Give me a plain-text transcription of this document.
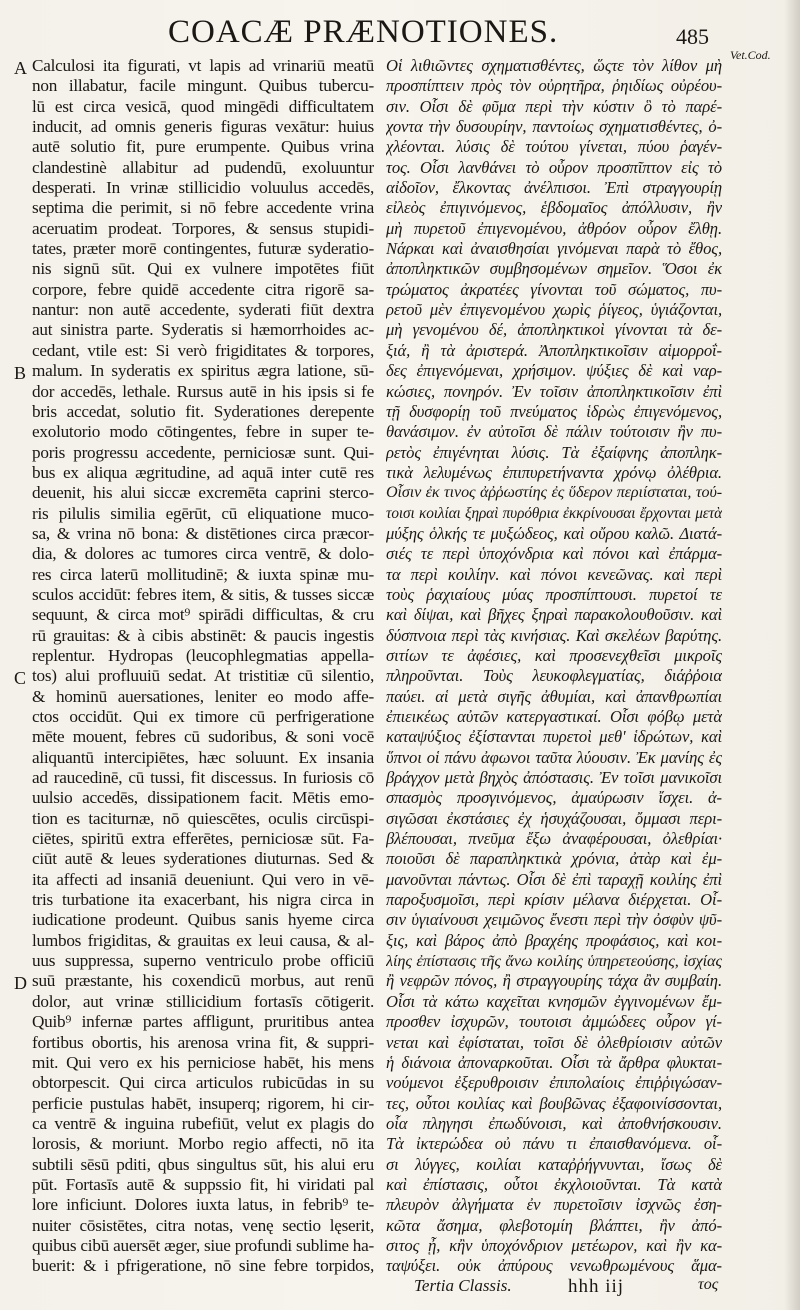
COACÆ PRÆNOTIONES.	485
Vet.Cod.
A
B
C
D
Calculosi ita figurati, vt lapis ad vrinariū meatū
non illabatur, facile mingunt. Quibus tubercu-
lū est circa vesicā, quod mingēdi difficultatem
inducit, ad omnis generis figuras vexātur: huius
autē solutio fit, pure erumpente. Quibus vrina
clandestinè allabitur ad pudendū, exoluuntur
desperati. In vrinæ stillicidio voluulus accedēs,
septima die perimit, si nō febre accedente vrina
aceruatim prodeat. Torpores, & sensus stupidi-
tates, præter morē contingentes, futuræ syderatio-
nis signū sūt. Qui ex vulnere impotētes fiūt
corpore, febre quidē accedente citra rigorē sa-
nantur: non autē accedente, syderati fiūt dextra
aut sinistra parte. Syderatis si hæmorrhoides ac-
cedant, vtile est: Si verò frigiditates & torpores,
malum. In syderatis ex spiritus ægra latione, sū-
dor accedēs, lethale. Rursus autē in his ipsis si fe
bris accedat, solutio fit. Syderationes derepente
exolutorio modo cōtingentes, febre in super te-
poris progressu accedente, perniciosæ sunt. Qui-
bus ex aliqua ægritudine, ad aquā inter cutē res
deuenit, his alui siccæ excremēta caprini sterco-
ris pilulis similia egērūt, cū eliquatione muco-
sa, & vrina nō bona: & distētiones circa præcor-
dia, & dolores ac tumores circa ventrē, & dolo-
res circa laterū mollitudinē; & iuxta spinæ mu-
sculos accidūt: febres item, & sitis, & tusses siccæ
sequunt, & circa mot⁹ spirādi difficultas, & cru
rū grauitas: & à cibis abstinēt: & paucis ingestis
replentur. Hydropas (leucophlegmatias appella-
tos) alui profluuiū sedat. At tristitiæ cū silentio,
& hominū auersationes, leniter eo modo affe-
ctos occidūt. Qui ex timore cū perfrigeratione
mēte mouent, febres cū sudoribus, & soni vocē
aliquantū intercipiētes, hæc soluunt. Ex insania
ad raucedinē, cū tussi, fit discessus. In furiosis cō
uulsio accedēs, dissipationem facit. Mētis emo-
tion es taciturnæ, nō quiescētes, oculis circūspi-
ciētes, spiritū extra efferētes, perniciosæ sūt. Fa-
ciūt autē & leues syderationes diuturnas. Sed &
ita affecti ad insaniā deueniunt. Qui vero in vē-
tris turbatione ita exacerbant, his nigra circa in
iudicatione prodeunt. Quibus sanis hyeme circa
lumbos frigiditas, & grauitas ex leui causa, & al-
uus suppressa, superno ventriculo probe officiū
suū præstante, his coxendicū morbus, aut renū
dolor, aut vrinæ stillicidium fortasīs cōtigerit.
Quib⁹ infernæ partes affligunt, pruritibus antea
fortibus obortis, his arenosa vrina fit, & suppri-
mit. Qui vero ex his perniciose habēt, his mens
obtorpescit. Qui circa articulos rubicūdas in su
perficie pustulas habēt, insuperq; rigorem, hi cir-
ca ventrē & inguina rubefiūt, velut ex plagis do
lorosis, & moriunt. Morbo regio affecti, nō ita
subtili sēsū pditi, qbus singultus sūt, his alui eru
pūt. Fortasīs autē & suppssio fit, hi viridati pal
lore inficiunt. Dolores iuxta latus, in febrib⁹ te-
nuiter cōsistētes, citra notas, venę sectio lęserit,
quibus cibū auersēt æger, siue profundi sublime ha-
buerit: & i pfrigeratione, nō sine febre torpidos,
Οἱ λιθιῶντες σχηματισθέντες, ὥςτε τὸν λίθον μὴ
προσπίπτειν πρὸς τὸν οὐρητῆρα, ῥηιδίως οὐρέου-
σιν. Οἷσι δὲ φῦμα περὶ τὴν κύστιν ὃ τὸ παρέ-
χοντα τὴν δυσουρίην, παντοίως σχηματισθέντες, ὀ-
χλέονται. λύσις δὲ τούτου γίνεται, πύου ῥαγέν-
τος. Οἷσι λανθάνει τὸ οὖρον προσπῖπτον εἰς τὸ
αἰδοῖον, ἔλκοντας ἀνέλπισοι. Ἐπὶ στραγγουρίῃ
εἰλεὸς ἐπιγινόμενος, ἑβδομαῖος ἀπόλλυσιν, ἢν
μὴ πυρετοῦ ἐπιγενομένου, ἀθρόον οὖρον ἔλθῃ.
Νάρκαι καὶ ἀναισθησίαι γινόμεναι παρὰ τὸ ἔθος,
ἀποπληκτικῶν συμβησομένων σημεῖον. Ὅσοι ἐκ
τρώματος ἀκρατέες γίνονται τοῦ σώματος, πυ-
ρετοῦ μὲν ἐπιγενομένου χωρὶς ῥίγεος, ὑγιάζονται,
μὴ γενομένου δέ, ἀποπληκτικοὶ γίνονται τὰ δε-
ξιά, ἢ τὰ ἀριστερά. Ἀποπληκτικοῖσιν αἱμορροΐ-
δες ἐπιγενόμεναι, χρήσιμον. ψύξιες δὲ καὶ ναρ-
κώσιες, πονηρόν. Ἐν τοῖσιν ἀποπληκτικοῖσιν ἐπὶ
τῇ δυσφορίῃ τοῦ πνεύματος ἱδρὼς ἐπιγενόμενος,
θανάσιμον. ἐν αὐτοῖσι δὲ πάλιν τούτοισιν ἢν πυ-
ρετὸς ἐπιγένηται λύσις. Τὰ ἐξαίφνης ἀποπληκ-
τικὰ λελυμένως ἐπιπυρετήναντα χρόνῳ ὀλέθρια.
Οἷσιν ἐκ τινος ἀῤῥωστίης ἐς ὕδερον περιίσταται, τού-
τοισι κοιλίαι ξηραὶ πυρόθρια ἐκκρίνουσαι ἔρχονται μετὰ
μύξης ὁλκής τε μυξώδεος, καὶ οὔρου καλῶ. Διατά-
σιές τε περὶ ὑποχόνδρια καὶ πόνοι καὶ ἐπάρμα-
τα περὶ κοιλίην. καὶ πόνοι κενεῶνας. καὶ περὶ
τοὺς ῥαχιαίους μύας προσπίπτουσι. πυρετοί τε
καὶ δίψαι, καὶ βῆχες ξηραὶ παρακολουθοῦσιν. καὶ
δύσπνοια περὶ τὰς κινήσιας. Καὶ σκελέων βαρύτης.
σιτίων τε ἀφέσιες, καὶ προσενεχθεῖσι μικροῖς
πληροῦνται. Τοὺς λευκοφλεγματίας, διάῤῥοια
παύει. αἱ μετὰ σιγῆς ἀθυμίαι, καὶ ἀπανθρωπίαι
ἐπιεικέως αὐτῶν κατεργαστικαί. Οἷσι φόβῳ μετὰ
καταψύξιος ἐξίστανται πυρετοὶ μεθ' ἱδρώτων, καὶ
ὕπνοι οἱ πάνυ ἀφωνοι ταῦτα λύουσιν. Ἐκ μανίης ἐς
βράγχον μετὰ βηχὸς ἀπόστασις. Ἐν τοῖσι μανικοῖσι
σπασμὸς προσγινόμενος, ἀμαύρωσιν ἴσχει. ἀ-
σιγῶσαι ἐκστάσιες ἐχ ἡσυχάζουσαι, ὄμμασι περι-
βλέπουσαι, πνεῦμα ἔξω ἀναφέρουσαι, ὀλεθρίαι·
ποιοῦσι δὲ παραπληκτικὰ χρόνια, ἀτὰρ καὶ ἐμ-
μανοῦνται πάντως. Οἷσι δὲ ἐπὶ ταραχῇ κοιλίης ἐπὶ
παροξυσμοῖσι, περὶ κρίσιν μέλανα διέρχεται. Οἷ-
σιν ὑγιαίνουσι χειμῶνος ἔνεστι περὶ τὴν ὀσφὺν ψῦ-
ξις, καὶ βάρος ἀπὸ βραχέης προφάσιος, καὶ κοι-
λίης ἐπίστασις τῆς ἄνω κοιλίης ὑπηρετεούσης, ἰσχίας
ἢ νεφρῶν πόνος, ἢ στραγγουρίης τάχα ἂν συμβαίη.
Οἷσι τὰ κάτω καχεῖται κνησμῶν ἐγγινομένων ἔμ-
προσθεν ἰσχυρῶν, τουτοισι ἀμμώδεες οὖρον γί-
νεται καὶ ἐφίσταται, τοῖσι δὲ ὀλεθρίοισιν αὐτῶν
ἡ διάνοια ἀποναρκοῦται. Οἷσι τὰ ἄρθρα φλυκται-
νούμενοι ἐξερυθροισιν ἐπιπολαίοις ἐπιῤῥιγώσαν-
τες, οὗτοι κοιλίας καὶ βουβῶνας ἐξαφοινίσσονται,
οἷα πληγησι ἐπωδύνοισι, καὶ ἀποθνήσκουσιν.
Τὰ ἰκτερώδεα οὐ πάνυ τι ἐπαισθανόμενα. οἷ-
σι λύγγες, κοιλίαι καταῤῥήγνυνται, ἴσως δὲ
καὶ ἐπίστασις, οὗτοι ἐκχλοιοῦνται. Τὰ κατὰ
πλευρὸν ἀλγήματα ἐν πυρετοῖσιν ἰσχνῶς ἐση-
κῶτα ἄσημα, φλεβοτομίη βλάπτει, ἢν ἀπό-
σιτος ᾖ, κἢν ὑποχόνδριον μετέωρον, καὶ ἢν κα-
ταψύξει. οὐκ ἀπύρους νενωθρωμένους ἅμα-
Tertia Classis.	hhh iij	τος
